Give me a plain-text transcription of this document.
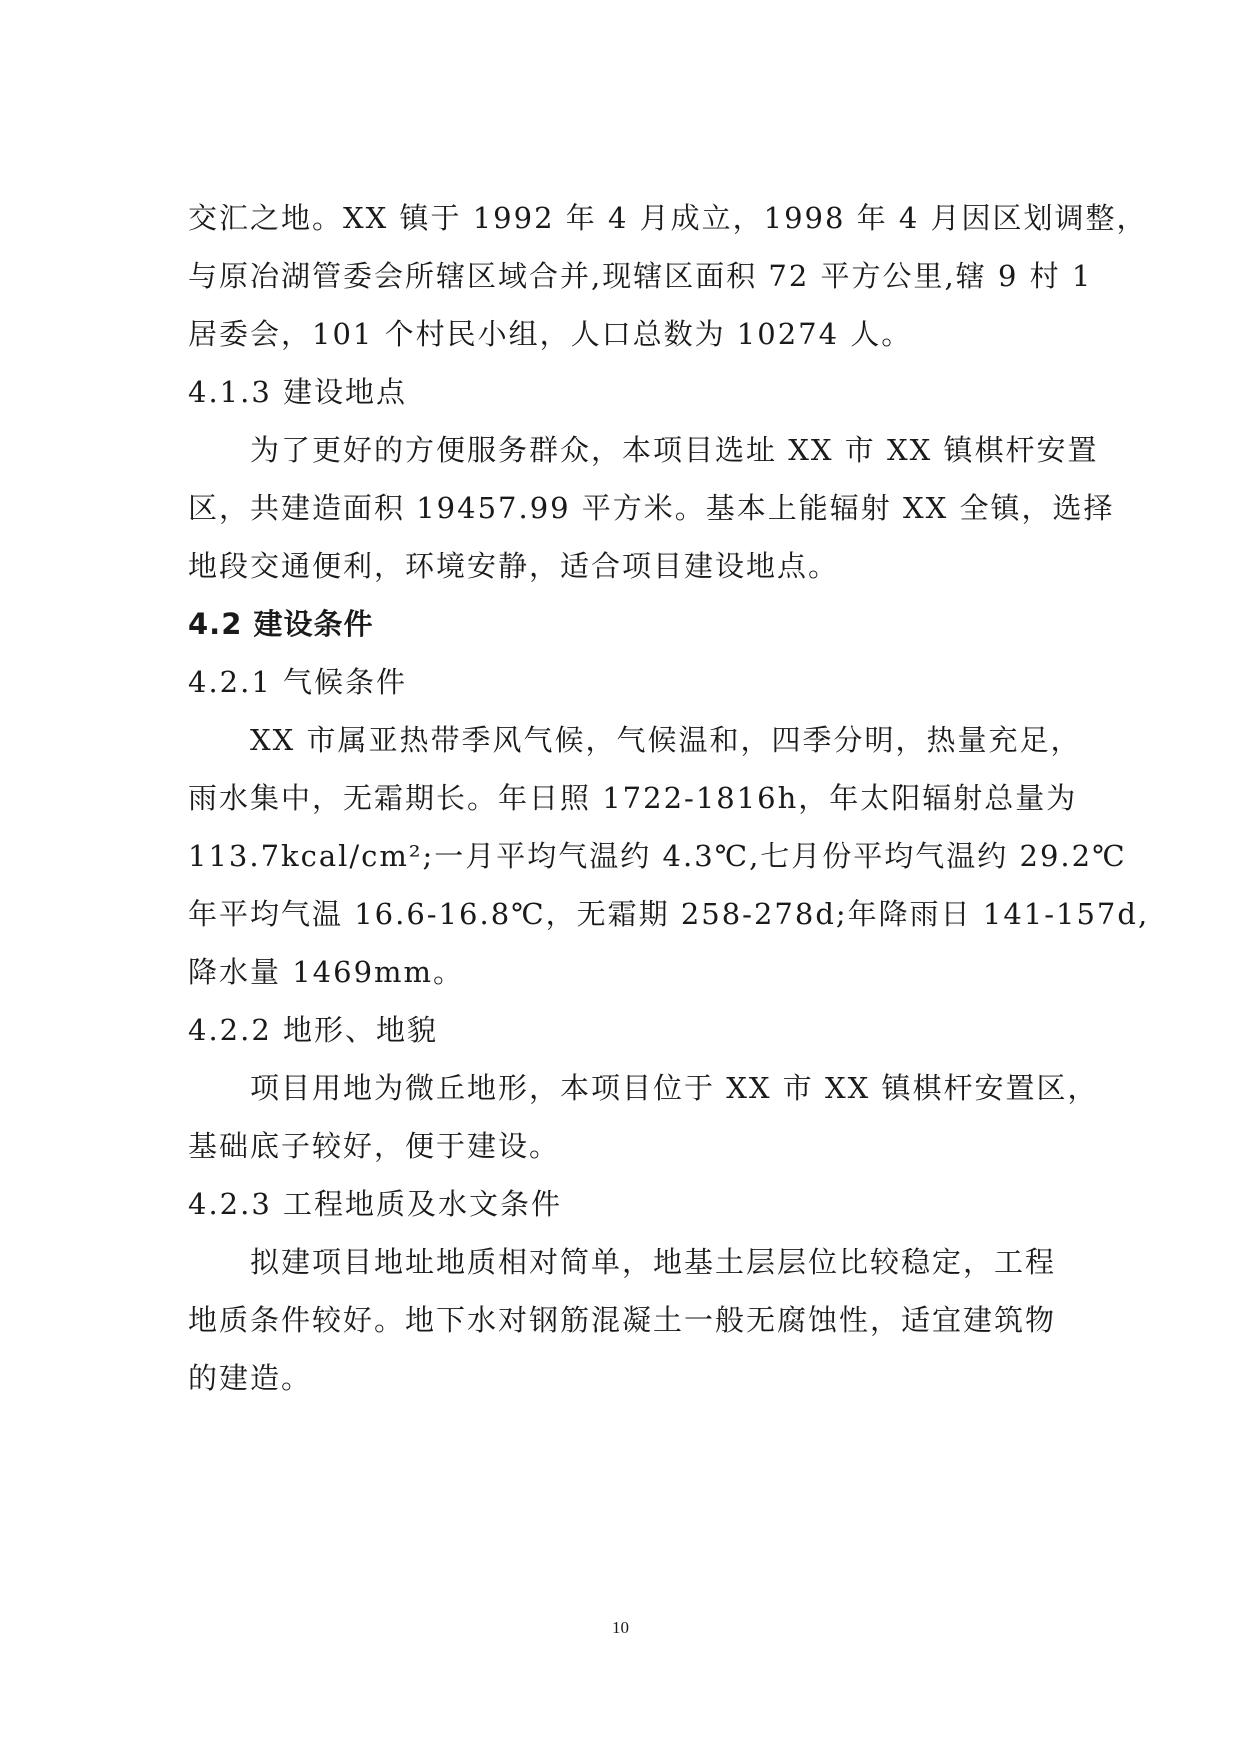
交汇之地。XX 镇于 1992 年 4 月成立，1998 年 4 月因区划调整，
与原冶湖管委会所辖区域合并,现辖区面积 72 平方公里,辖 9 村 1
居委会，101 个村民小组，人口总数为 10274 人。
4.1.3 建设地点
为了更好的方便服务群众，本项目选址 XX 市 XX 镇棋杆安置
区，共建造面积 19457.99 平方米。基本上能辐射 XX 全镇，选择
地段交通便利，环境安静，适合项目建设地点。
4.2 建设条件
4.2.1 气候条件
XX 市属亚热带季风气候，气候温和，四季分明，热量充足，
雨水集中，无霜期长。年日照 1722-1816h，年太阳辐射总量为
113.7kcal/cm²;一月平均气温约 4.3℃,七月份平均气温约 29.2℃
年平均气温 16.6-16.8℃，无霜期 258-278d;年降雨日 141-157d,
降水量 1469mm。
4.2.2 地形、地貌
项目用地为微丘地形，本项目位于 XX 市 XX 镇棋杆安置区，
基础底子较好，便于建设。
4.2.3 工程地质及水文条件
拟建项目地址地质相对简单，地基土层层位比较稳定，工程
地质条件较好。地下水对钢筋混凝土一般无腐蚀性，适宜建筑物
的建造。
10
